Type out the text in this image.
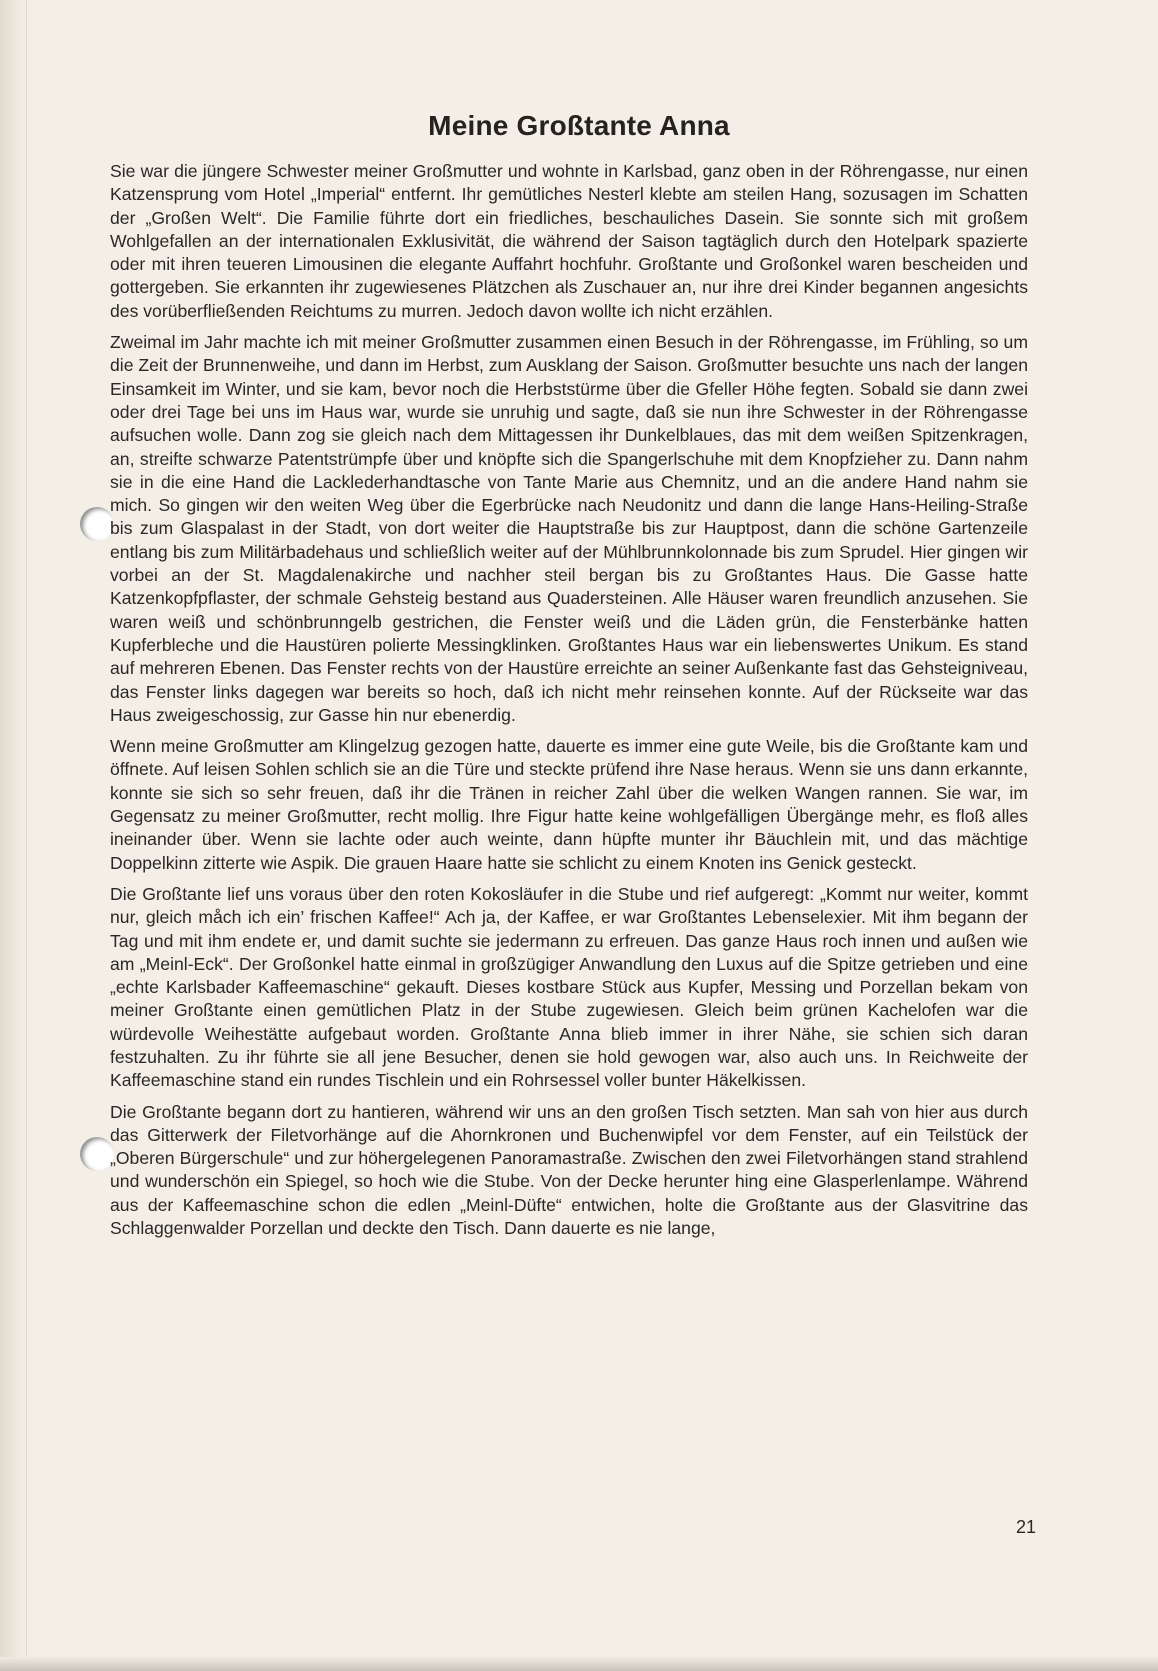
Meine Großtante Anna

Sie war die jüngere Schwester meiner Großmutter und wohnte in Karlsbad, ganz oben in der Röhrengasse, nur einen Katzensprung vom Hotel „Imperial“ entfernt. Ihr gemütliches Nesterl klebte am steilen Hang, sozusagen im Schatten der „Großen Welt“. Die Familie führte dort ein friedliches, beschauliches Dasein. Sie sonnte sich mit großem Wohlgefallen an der internationalen Exklusivität, die während der Saison tagtäglich durch den Hotelpark spazierte oder mit ihren teueren Limousinen die elegante Auffahrt hochfuhr. Großtante und Großonkel waren bescheiden und gottergeben. Sie erkannten ihr zugewiesenes Plätzchen als Zuschauer an, nur ihre drei Kinder begannen angesichts des vorüberfließenden Reichtums zu murren. Jedoch davon wollte ich nicht erzählen.

Zweimal im Jahr machte ich mit meiner Großmutter zusammen einen Besuch in der Röhrengasse, im Frühling, so um die Zeit der Brunnenweihe, und dann im Herbst, zum Ausklang der Saison. Großmutter besuchte uns nach der langen Einsamkeit im Winter, und sie kam, bevor noch die Herbststürme über die Gfeller Höhe fegten. Sobald sie dann zwei oder drei Tage bei uns im Haus war, wurde sie unruhig und sagte, daß sie nun ihre Schwester in der Röhrengasse aufsuchen wolle. Dann zog sie gleich nach dem Mittagessen ihr Dunkelblaues, das mit dem weißen Spitzenkragen, an, streifte schwarze Patentstrümpfe über und knöpfte sich die Spangerlschuhe mit dem Knopfzieher zu. Dann nahm sie in die eine Hand die Lacklederhandtasche von Tante Marie aus Chemnitz, und an die andere Hand nahm sie mich. So gingen wir den weiten Weg über die Egerbrücke nach Neudonitz und dann die lange Hans-Heiling-Straße bis zum Glaspalast in der Stadt, von dort weiter die Hauptstraße bis zur Hauptpost, dann die schöne Gartenzeile entlang bis zum Militärbadehaus und schließlich weiter auf der Mühlbrunnkolonnade bis zum Sprudel. Hier gingen wir vorbei an der St. Magdalenakirche und nachher steil bergan bis zu Großtantes Haus. Die Gasse hatte Katzenkopfpflaster, der schmale Gehsteig bestand aus Quadersteinen. Alle Häuser waren freundlich anzusehen. Sie waren weiß und schönbrunngelb gestrichen, die Fenster weiß und die Läden grün, die Fensterbänke hatten Kupferbleche und die Haustüren polierte Messingklinken. Großtantes Haus war ein liebenswertes Unikum. Es stand auf mehreren Ebenen. Das Fenster rechts von der Haustüre erreichte an seiner Außenkante fast das Gehsteigniveau, das Fenster links dagegen war bereits so hoch, daß ich nicht mehr reinsehen konnte. Auf der Rückseite war das Haus zweigeschossig, zur Gasse hin nur ebenerdig.

Wenn meine Großmutter am Klingelzug gezogen hatte, dauerte es immer eine gute Weile, bis die Großtante kam und öffnete. Auf leisen Sohlen schlich sie an die Türe und steckte prüfend ihre Nase heraus. Wenn sie uns dann erkannte, konnte sie sich so sehr freuen, daß ihr die Tränen in reicher Zahl über die welken Wangen rannen. Sie war, im Gegensatz zu meiner Großmutter, recht mollig. Ihre Figur hatte keine wohlgefälligen Übergänge mehr, es floß alles ineinander über. Wenn sie lachte oder auch weinte, dann hüpfte munter ihr Bäuchlein mit, und das mächtige Doppelkinn zitterte wie Aspik. Die grauen Haare hatte sie schlicht zu einem Knoten ins Genick gesteckt.

Die Großtante lief uns voraus über den roten Kokosläufer in die Stube und rief aufgeregt: „Kommt nur weiter, kommt nur, gleich måch ich ein’ frischen Kaffee!“ Ach ja, der Kaffee, er war Großtantes Lebenselexier. Mit ihm begann der Tag und mit ihm endete er, und damit suchte sie jedermann zu erfreuen. Das ganze Haus roch innen und außen wie am „Meinl-Eck“. Der Großonkel hatte einmal in großzügiger Anwandlung den Luxus auf die Spitze getrieben und eine „echte Karlsbader Kaffeemaschine“ gekauft. Dieses kostbare Stück aus Kupfer, Messing und Porzellan bekam von meiner Großtante einen gemütlichen Platz in der Stube zugewiesen. Gleich beim grünen Kachelofen war die würdevolle Weihestätte aufgebaut worden. Großtante Anna blieb immer in ihrer Nähe, sie schien sich daran festzuhalten. Zu ihr führte sie all jene Besucher, denen sie hold gewogen war, also auch uns. In Reichweite der Kaffeemaschine stand ein rundes Tischlein und ein Rohrsessel voller bunter Häkelkissen.

Die Großtante begann dort zu hantieren, während wir uns an den großen Tisch setzten. Man sah von hier aus durch das Gitterwerk der Filetvorhänge auf die Ahornkronen und Buchenwipfel vor dem Fenster, auf ein Teilstück der „Oberen Bürgerschule“ und zur höhergelegenen Panoramastraße. Zwischen den zwei Filetvorhängen stand strahlend und wunderschön ein Spiegel, so hoch wie die Stube. Von der Decke herunter hing eine Glasperlenlampe. Während aus der Kaffeemaschine schon die edlen „Meinl-Düfte“ entwichen, holte die Großtante aus der Glasvitrine das Schlaggenwalder Porzellan und deckte den Tisch. Dann dauerte es nie lange,

21
